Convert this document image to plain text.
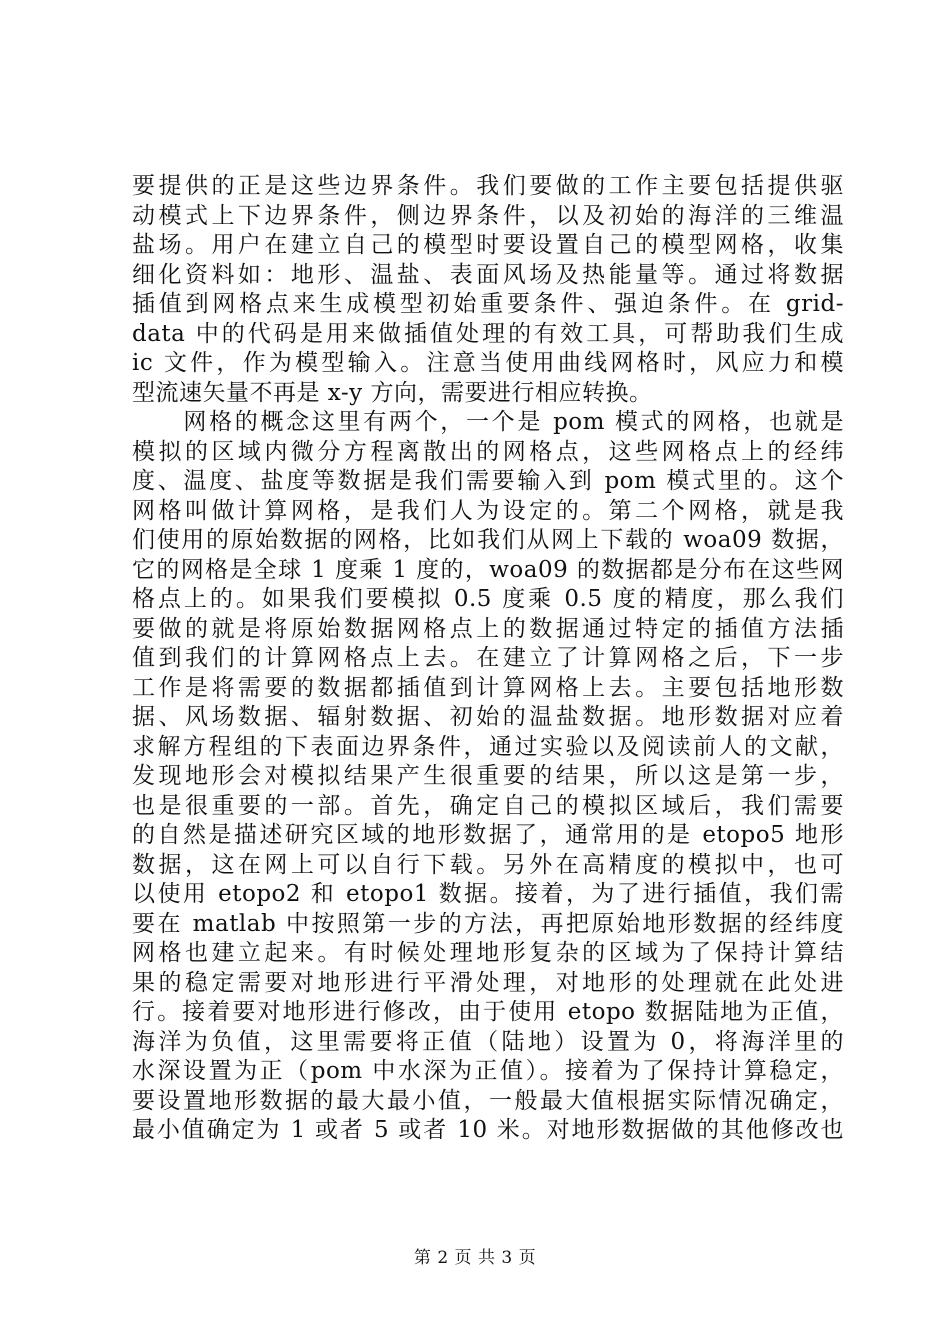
要提供的正是这些边界条件。我们要做的工作主要包括提供驱
动模式上下边界条件，侧边界条件，以及初始的海洋的三维温
盐场。用户在建立自己的模型时要设置自己的模型网格，收集
细化资料如：地形、温盐、表面风场及热能量等。通过将数据
插值到网格点来生成模型初始重要条件、强迫条件。在 grid-
data 中的代码是用来做插值处理的有效工具，可帮助我们生成
ic 文件，作为模型输入。注意当使用曲线网格时，风应力和模
型流速矢量不再是 x-y 方向，需要进行相应转换。
　　网格的概念这里有两个，一个是 pom 模式的网格，也就是
模拟的区域内微分方程离散出的网格点，这些网格点上的经纬
度、温度、盐度等数据是我们需要输入到 pom 模式里的。这个
网格叫做计算网格，是我们人为设定的。第二个网格，就是我
们使用的原始数据的网格，比如我们从网上下载的 woa09 数据，
它的网格是全球 1 度乘 1 度的，woa09 的数据都是分布在这些网
格点上的。如果我们要模拟 0.5 度乘 0.5 度的精度，那么我们
要做的就是将原始数据网格点上的数据通过特定的插值方法插
值到我们的计算网格点上去。在建立了计算网格之后，下一步
工作是将需要的数据都插值到计算网格上去。主要包括地形数
据、风场数据、辐射数据、初始的温盐数据。地形数据对应着
求解方程组的下表面边界条件，通过实验以及阅读前人的文献，
发现地形会对模拟结果产生很重要的结果，所以这是第一步，
也是很重要的一部。首先，确定自己的模拟区域后，我们需要
的自然是描述研究区域的地形数据了，通常用的是 etopo5 地形
数据，这在网上可以自行下载。另外在高精度的模拟中，也可
以使用 etopo2 和 etopo1 数据。接着，为了进行插值，我们需
要在 matlab 中按照第一步的方法，再把原始地形数据的经纬度
网格也建立起来。有时候处理地形复杂的区域为了保持计算结
果的稳定需要对地形进行平滑处理，对地形的处理就在此处进
行。接着要对地形进行修改，由于使用 etopo 数据陆地为正值，
海洋为负值，这里需要将正值（陆地）设置为 0，将海洋里的
水深设置为正（pom 中水深为正值）。接着为了保持计算稳定，
要设置地形数据的最大最小值，一般最大值根据实际情况确定，
最小值确定为 1 或者 5 或者 10 米。对地形数据做的其他修改也
第 2 页 共 3 页
